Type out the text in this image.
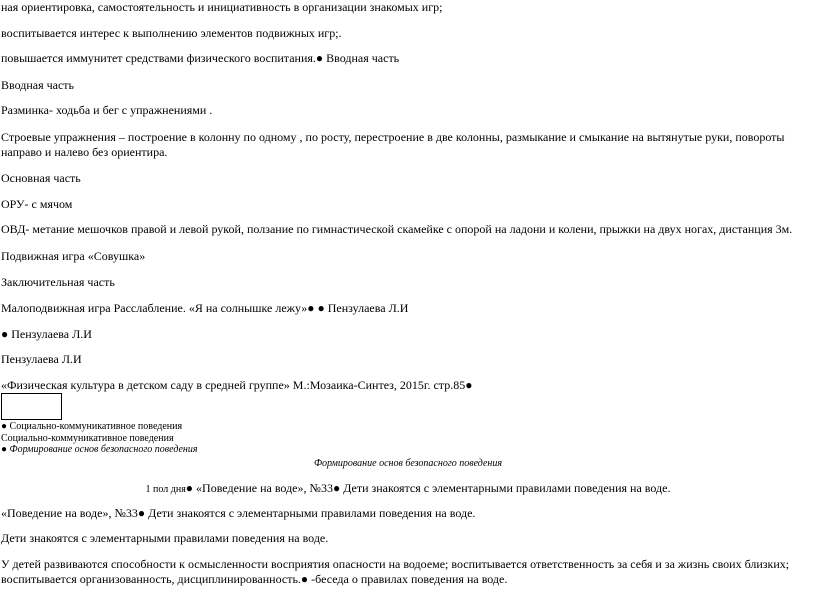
ная ориентировка, самостоятельность и инициативность в организации знакомых игр;
воспитывается интерес к выполнению элементов подвижных игр;.
повышается иммунитет средствами физического воспитания.● Вводная часть
Вводная часть
Разминка- ходьба и бег с упражнениями .
Строевые упражнения – построение в колонну по одному , по росту, перестроение в две колонны, размыкание и смыкание на вытянутые руки, повороты направо и налево без ориентира.
Основная часть
ОРУ- с мячом
ОВД- метание мешочков правой и левой рукой, ползание по гимнастической скамейке с опорой на ладони и колени, прыжки на двух ногах, дистанция 3м.
Подвижная игра «Совушка»
Заключительная часть
Малоподвижная игра Расслабление. «Я на солнышке лежу»● ● Пензулаева Л.И
● Пензулаева Л.И
Пензулаева Л.И
«Физическая культура в детском саду в средней группе» М.:Мозаика-Синтез, 2015г. стр.85●
● Социально-коммуникативное поведения
Социально-коммуникативное поведения
● Формирование основ безопасного поведения
Формирование основ безопасного поведения
1 пол дня● «Поведение на воде», №33● Дети знакоятся с элементарными правилами поведения на воде.
«Поведение на воде», №33● Дети знакоятся с элементарными правилами поведения на воде.
Дети знакоятся с элементарными правилами поведения на воде.
У детей развиваются способности к осмысленности восприятия опасности на водоеме; воспитывается ответственность за себя и за жизнь своих близких; воспитывается организованность, дисциплинированность.● -беседа о правилах поведения на воде.
